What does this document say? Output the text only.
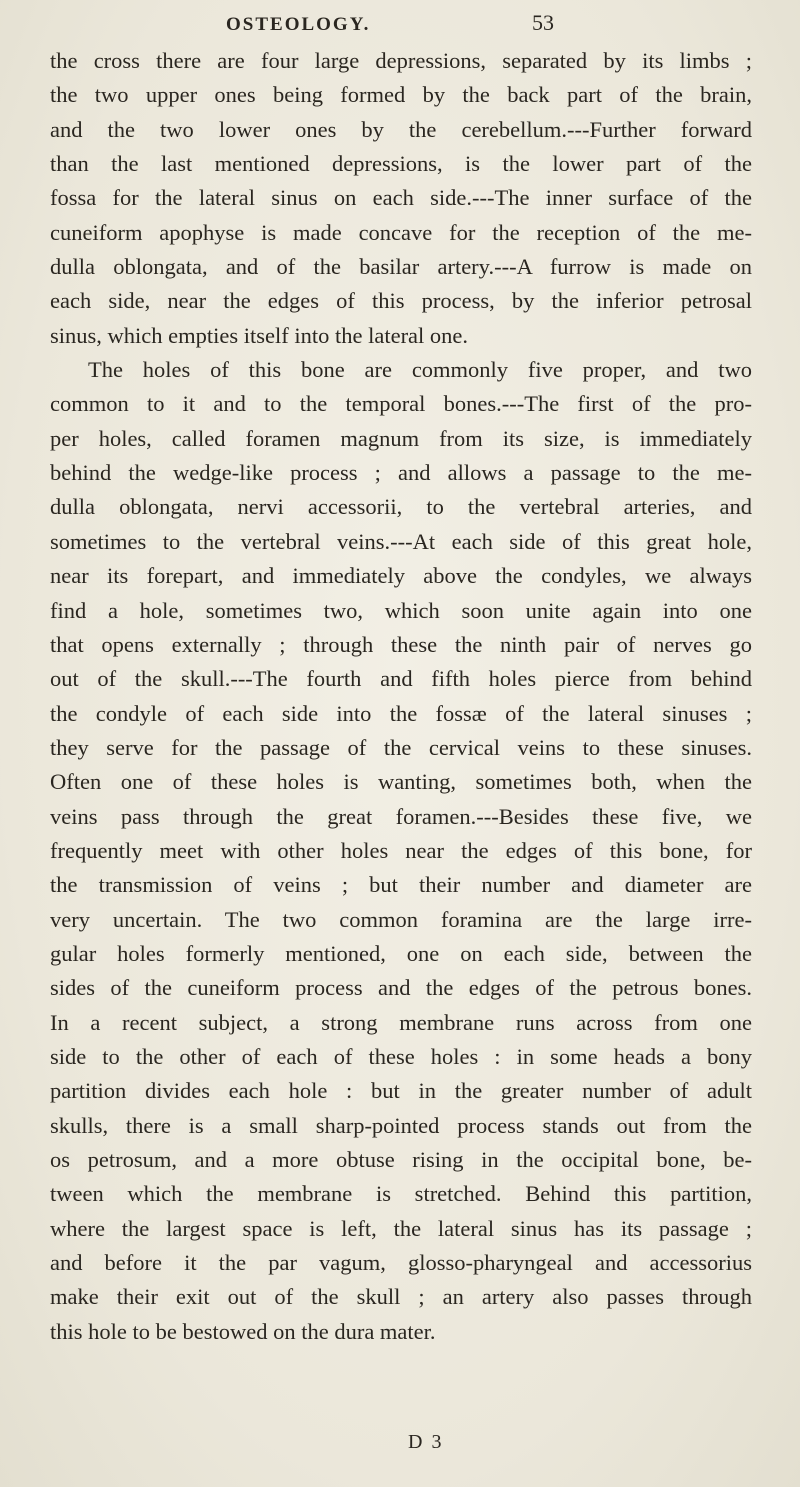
OSTEOLOGY.	53
the cross there are four large depressions, separated by its limbs ;
the two upper ones being formed by the back part of the brain,
and the two lower ones by the cerebellum.---Further forward
than the last mentioned depressions, is the lower part of the
fossa for the lateral sinus on each side.---The inner surface of the
cuneiform apophyse is made concave for the reception of the me-
dulla oblongata, and of the basilar artery.---A furrow is made on
each side, near the edges of this process, by the inferior petrosal
sinus, which empties itself into the lateral one.
The holes of this bone are commonly five proper, and two
common to it and to the temporal bones.---The first of the pro-
per holes, called foramen magnum from its size, is immediately
behind the wedge-like process ; and allows a passage to the me-
dulla oblongata, nervi accessorii, to the vertebral arteries, and
sometimes to the vertebral veins.---At each side of this great hole,
near its forepart, and immediately above the condyles, we always
find a hole, sometimes two, which soon unite again into one
that opens externally ; through these the ninth pair of nerves go
out of the skull.---The fourth and fifth holes pierce from behind
the condyle of each side into the fossæ of the lateral sinuses ;
they serve for the passage of the cervical veins to these sinuses.
Often one of these holes is wanting, sometimes both, when the
veins pass through the great foramen.---Besides these five, we
frequently meet with other holes near the edges of this bone, for
the transmission of veins ; but their number and diameter are
very uncertain. The two common foramina are the large irre-
gular holes formerly mentioned, one on each side, between the
sides of the cuneiform process and the edges of the petrous bones.
In a recent subject, a strong membrane runs across from one
side to the other of each of these holes : in some heads a bony
partition divides each hole : but in the greater number of adult
skulls, there is a small sharp-pointed process stands out from the
os petrosum, and a more obtuse rising in the occipital bone, be-
tween which the membrane is stretched. Behind this partition,
where the largest space is left, the lateral sinus has its passage ;
and before it the par vagum, glosso-pharyngeal and accessorius
make their exit out of the skull ; an artery also passes through
this hole to be bestowed on the dura mater.
D 3
